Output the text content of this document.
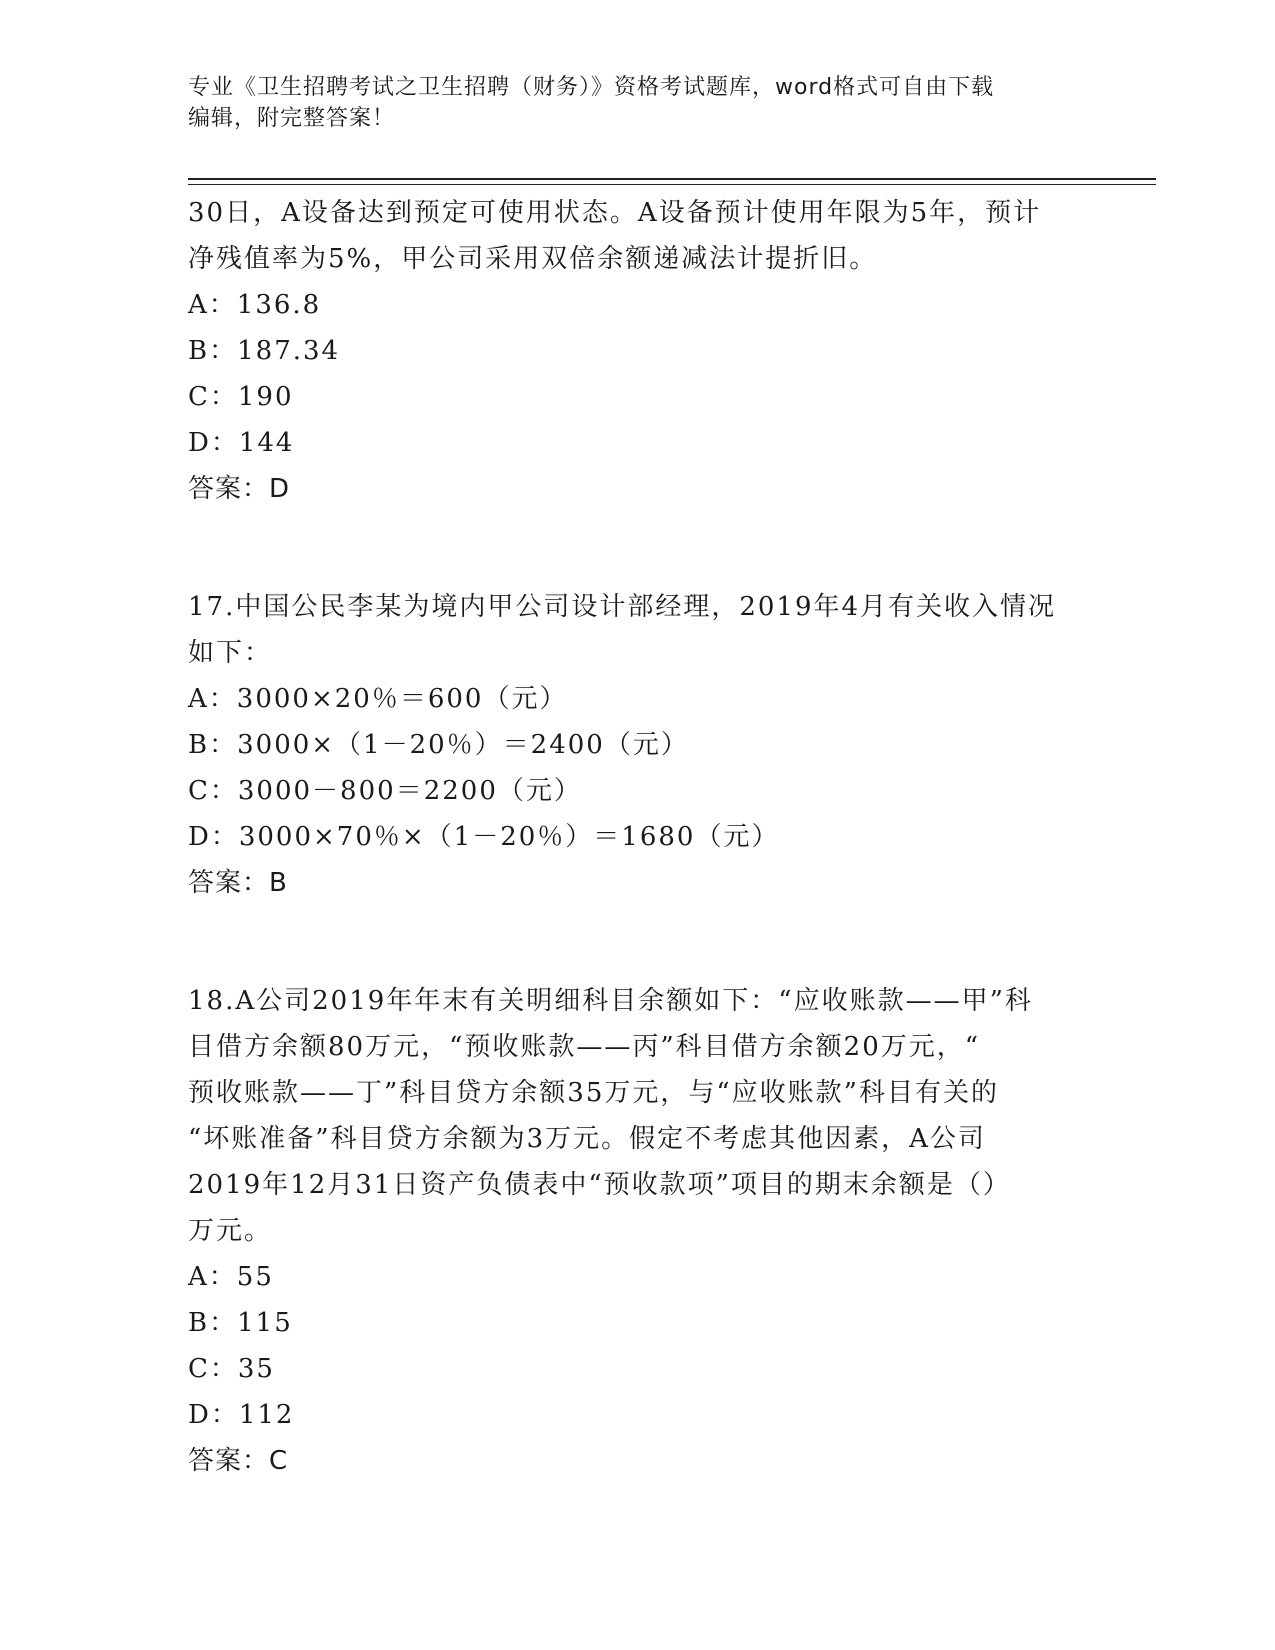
专业《卫生招聘考试之卫生招聘（财务）》资格考试题库，word格式可自由下载
编辑，附完整答案！
30日，A设备达到预定可使用状态。A设备预计使用年限为5年，预计
净残值率为5%，甲公司采用双倍余额递减法计提折旧。
A：136.8
B：187.34
C：190
D：144
答案：D
17.中国公民李某为境内甲公司设计部经理，2019年4月有关收入情况
如下：
A：3000×20％＝600（元）
B：3000×（1－20％）＝2400（元）
C：3000－800＝2200（元）
D：3000×70％×（1－20％）＝1680（元）
答案：B
18.A公司2019年年末有关明细科目余额如下：“应收账款——甲”科
目借方余额80万元，“预收账款——丙”科目借方余额20万元，“
预收账款——丁”科目贷方余额35万元，与“应收账款”科目有关的
“坏账准备”科目贷方余额为3万元。假定不考虑其他因素，A公司
2019年12月31日资产负债表中“预收款项”项目的期末余额是（）
万元。
A：55
B：115
C：35
D：112
答案：C
